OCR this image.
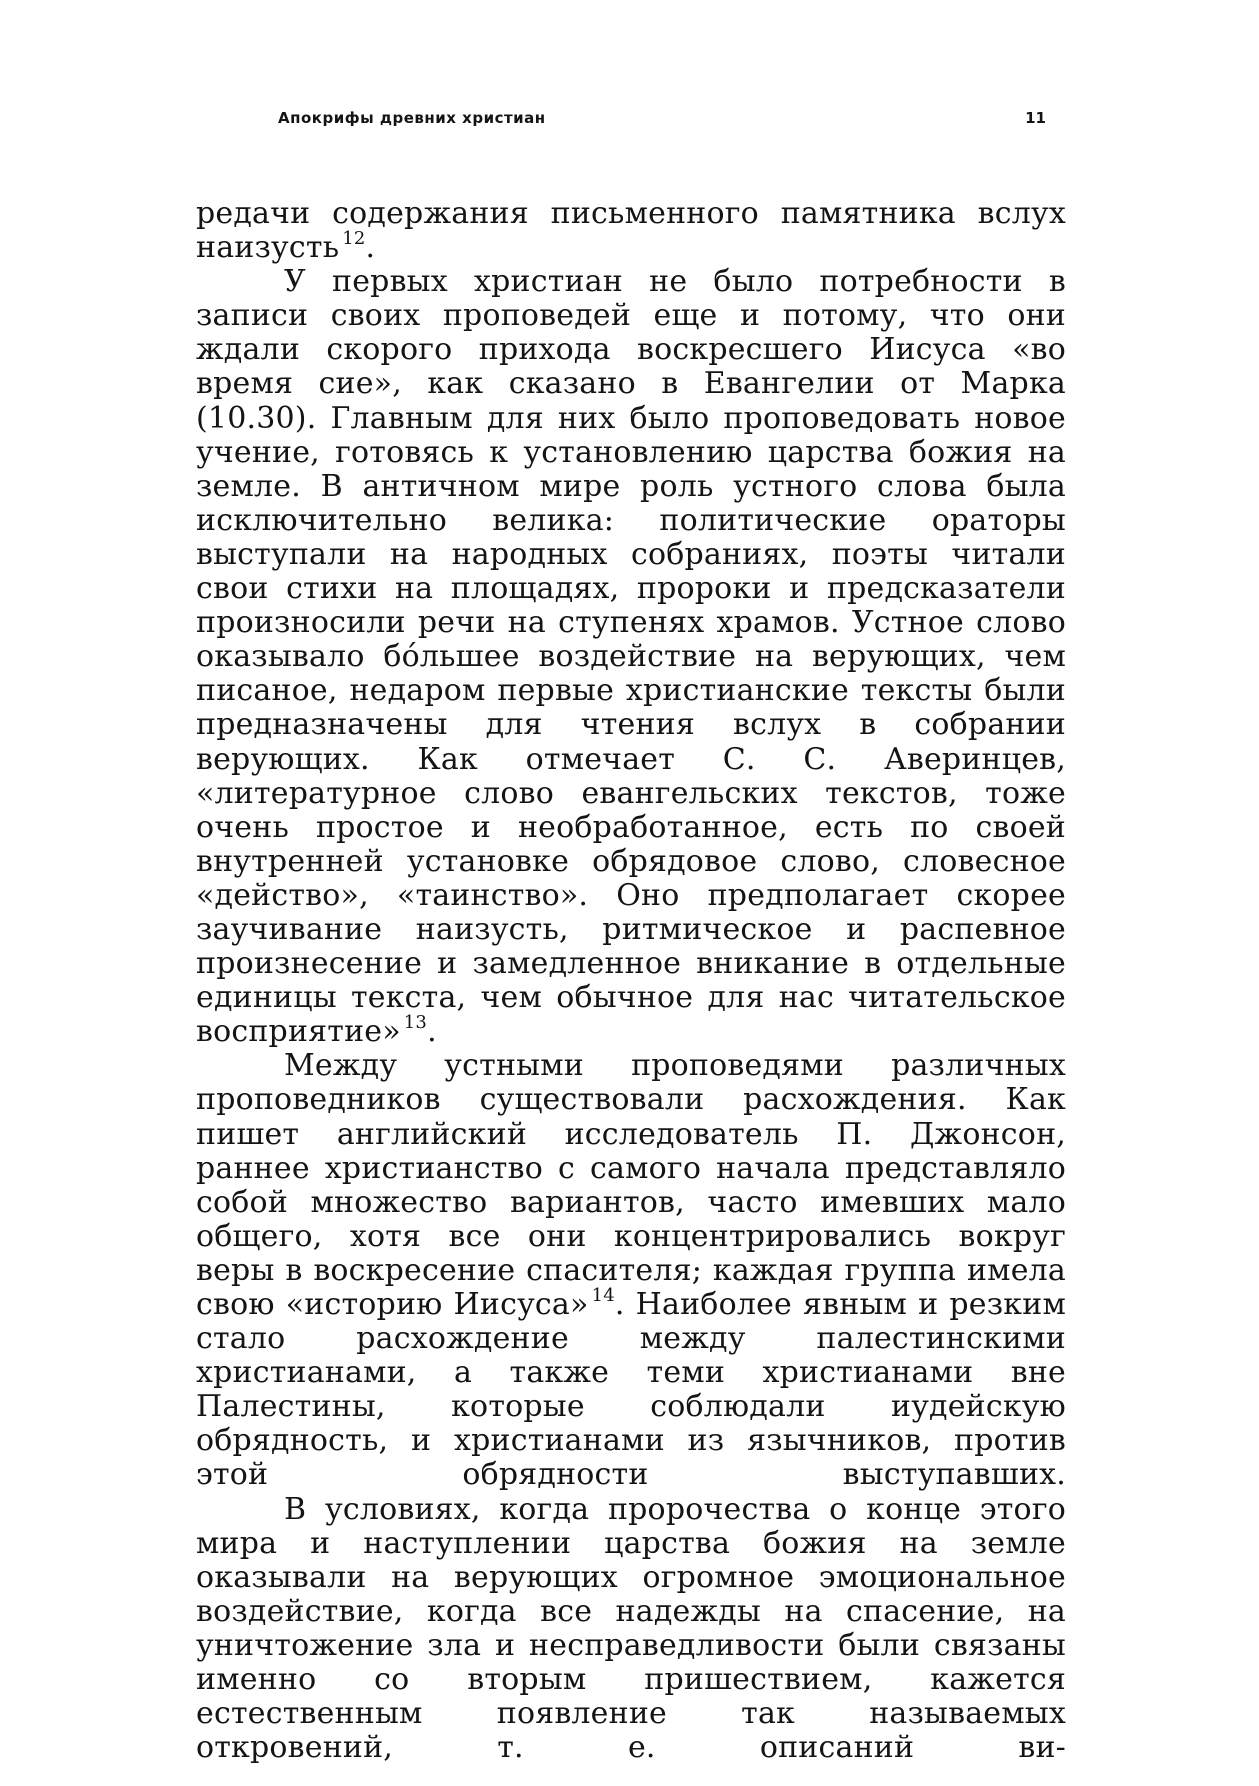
Апокрифы древних христиан	11

редачи содержания письменного памятника вслух наизусть $^{12}$.

У первых христиан не было потребности в записи своих проповедей еще и потому, что они ждали скорого прихода воскресшего Иисуса «во время сие», как сказано в Евангелии от Марка (10.30). Главным для них было проповедовать новое учение, готовясь к установлению царства божия на земле. В античном мире роль устного слова была исключительно велика: политические ораторы выступали на народных собраниях, поэты читали свои стихи на площадях, пророки и предсказатели произносили речи на ступенях храмов. Устное слово оказывало бо́льшее воздействие на верующих, чем писаное, недаром первые христианские тексты были предназначены для чтения вслух в собрании верующих. Как отмечает С. С. Аверинцев, «литературное слово евангельских текстов, тоже очень простое и необработанное, есть по своей внутренней установке обрядовое слово, словесное «действо», «таинство». Оно предполагает скорее заучивание наизусть, ритмическое и распевное произнесение и замедленное вникание в отдельные единицы текста, чем обычное для нас читательское восприятие» $^{13}$.

Между устными проповедями различных проповедников существовали расхождения. Как пишет английский исследователь П. Джонсон, раннее христианство с самого начала представляло собой множество вариантов, часто имевших мало общего, хотя все они концентрировались вокруг веры в воскресение спасителя; каждая группа имела свою «историю Иисуса» $^{14}$. Наиболее явным и резким стало расхождение между палестинскими христианами, а также теми христианами вне Палестины, которые соблюдали иудейскую обрядность, и христианами из язычников, против этой обрядности выступавших.

В условиях, когда пророчества о конце этого мира и наступлении царства божия на земле оказывали на верующих огромное эмоциональное воздействие, когда все надежды на спасение, на уничтожение зла и несправедливости были связаны именно со вторым пришествием, кажется естественным появление так называемых откровений, т. е. описаний ви-
